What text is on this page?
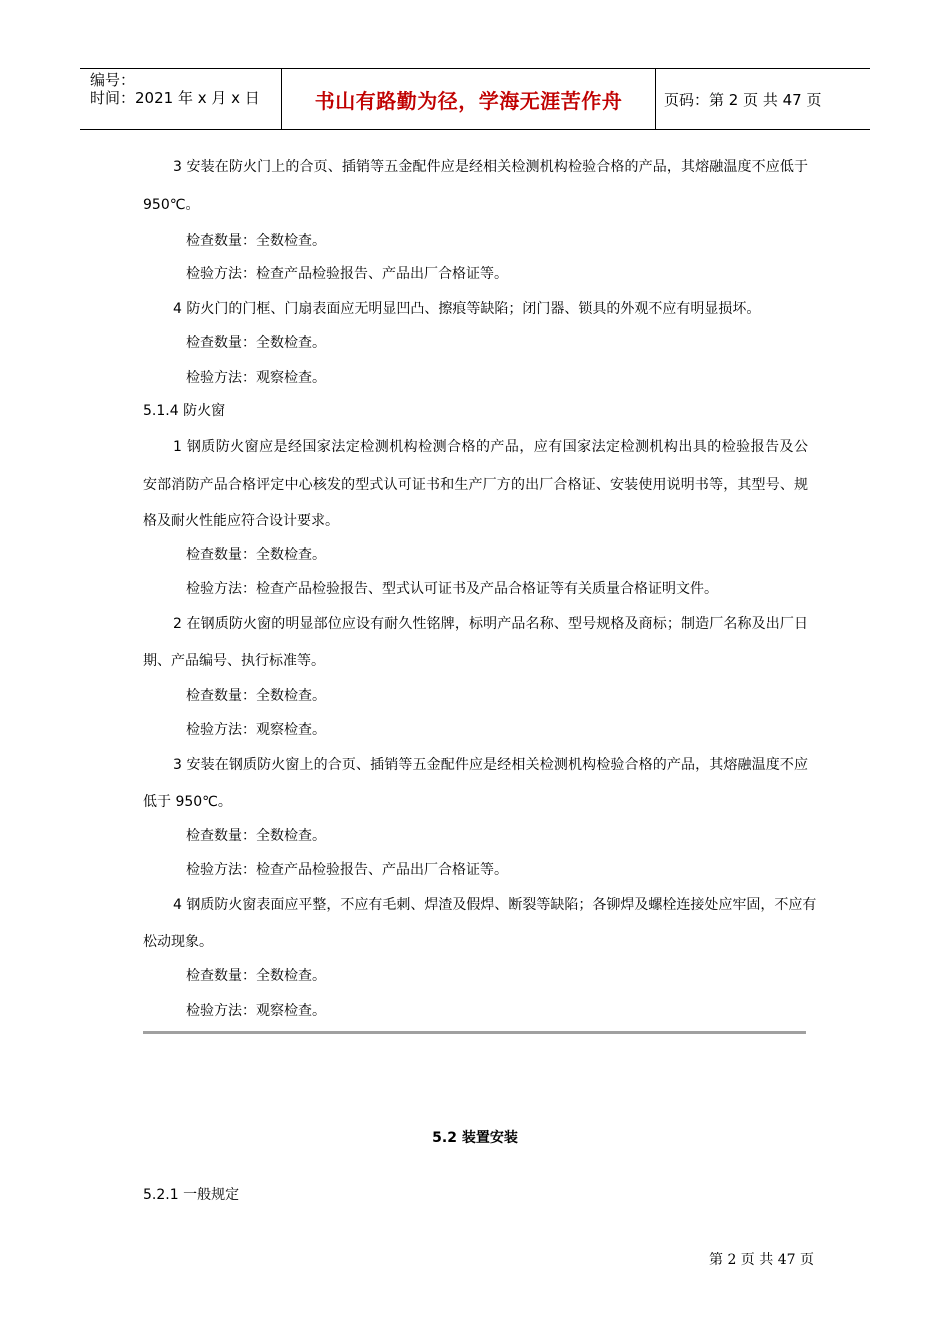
编号：
时间：2021 年 x 月 x 日	书山有路勤为径，学海无涯苦作舟	页码：第 2 页 共 47 页
3 安装在防火门上的合页、插销等五金配件应是经相关检测机构检验合格的产品，其熔融温度不应低于
950℃。
检查数量：全数检查。
检验方法：检查产品检验报告、产品出厂合格证等。
4 防火门的门框、门扇表面应无明显凹凸、擦痕等缺陷；闭门器、锁具的外观不应有明显损坏。
检查数量：全数检查。
检验方法：观察检查。
5.1.4 防火窗
1 钢质防火窗应是经国家法定检测机构检测合格的产品，应有国家法定检测机构出具的检验报告及公
安部消防产品合格评定中心核发的型式认可证书和生产厂方的出厂合格证、安装使用说明书等，其型号、规
格及耐火性能应符合设计要求。
检查数量：全数检查。
检验方法：检查产品检验报告、型式认可证书及产品合格证等有关质量合格证明文件。
2 在钢质防火窗的明显部位应设有耐久性铭牌，标明产品名称、型号规格及商标；制造厂名称及出厂日
期、产品编号、执行标准等。
检查数量：全数检查。
检验方法：观察检查。
3 安装在钢质防火窗上的合页、插销等五金配件应是经相关检测机构检验合格的产品，其熔融温度不应
低于 950℃。
检查数量：全数检查。
检验方法：检查产品检验报告、产品出厂合格证等。
4 钢质防火窗表面应平整，不应有毛刺、焊渣及假焊、断裂等缺陷；各铆焊及螺栓连接处应牢固，不应有
松动现象。
检查数量：全数检查。
检验方法：观察检查。
5.2.1 一般规定
5.2 装置安装
第 2 页 共 47 页
